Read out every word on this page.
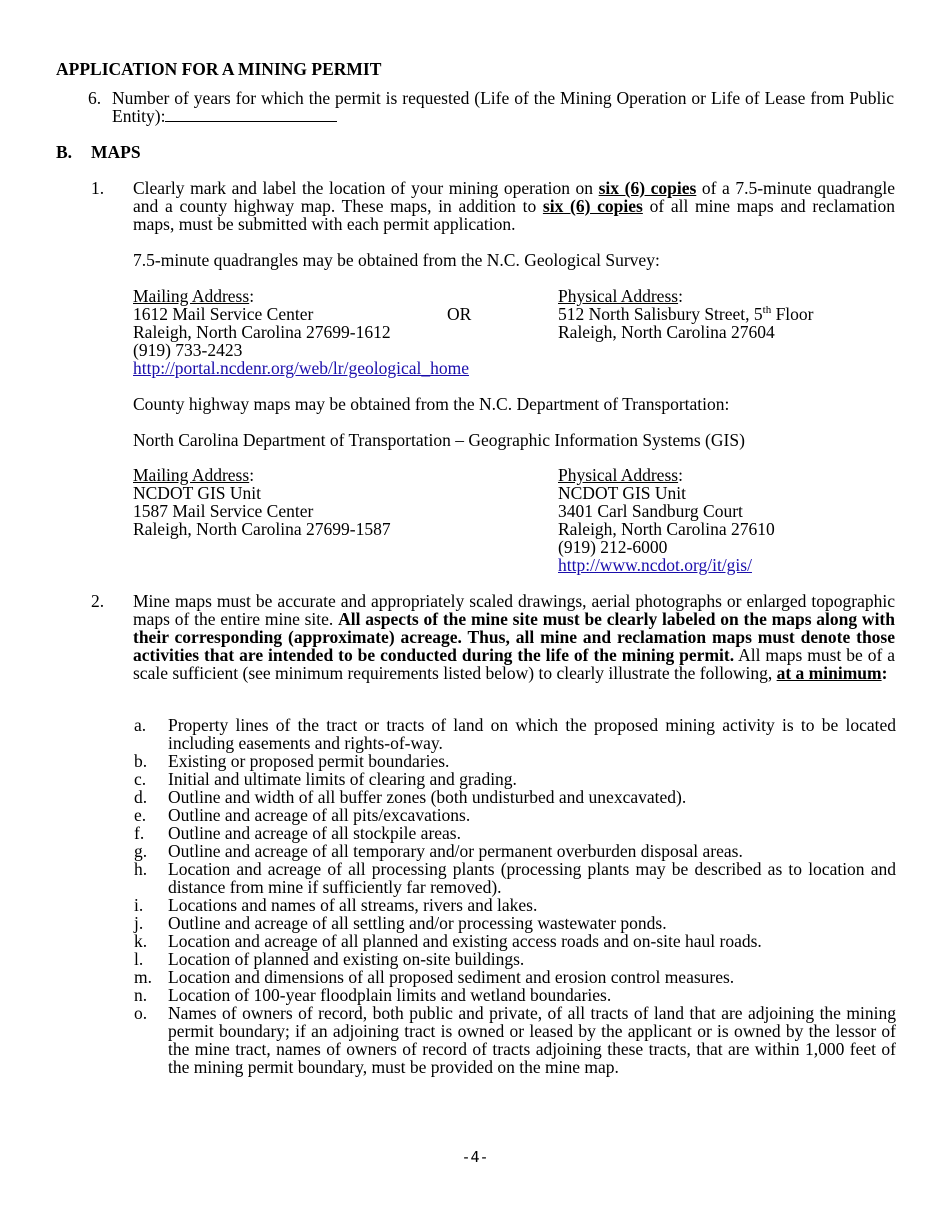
APPLICATION FOR A MINING PERMIT
6. Number of years for which the permit is requested (Life of the Mining Operation or Life of Lease from Public Entity):
B. MAPS
1. Clearly mark and label the location of your mining operation on six (6) copies of a 7.5-minute quadrangle and a county highway map. These maps, in addition to six (6) copies of all mine maps and reclamation maps, must be submitted with each permit application.
7.5-minute quadrangles may be obtained from the N.C. Geological Survey:
Mailing Address:
1612 Mail Service Center
Raleigh, North Carolina 27699-1612
(919) 733-2423
http://portal.ncdenr.org/web/lr/geological_home
OR
Physical Address:
512 North Salisbury Street, 5th Floor
Raleigh, North Carolina 27604
County highway maps may be obtained from the N.C. Department of Transportation:
North Carolina Department of Transportation – Geographic Information Systems (GIS)
Mailing Address:
NCDOT GIS Unit
1587 Mail Service Center
Raleigh, North Carolina 27699-1587
Physical Address:
NCDOT GIS Unit
3401 Carl Sandburg Court
Raleigh, North Carolina 27610
(919) 212-6000
http://www.ncdot.org/it/gis/
2. Mine maps must be accurate and appropriately scaled drawings, aerial photographs or enlarged topographic maps of the entire mine site. All aspects of the mine site must be clearly labeled on the maps along with their corresponding (approximate) acreage. Thus, all mine and reclamation maps must denote those activities that are intended to be conducted during the life of the mining permit. All maps must be of a scale sufficient (see minimum requirements listed below) to clearly illustrate the following, at a minimum:
a. Property lines of the tract or tracts of land on which the proposed mining activity is to be located including easements and rights-of-way.
b. Existing or proposed permit boundaries.
c. Initial and ultimate limits of clearing and grading.
d. Outline and width of all buffer zones (both undisturbed and unexcavated).
e. Outline and acreage of all pits/excavations.
f. Outline and acreage of all stockpile areas.
g. Outline and acreage of all temporary and/or permanent overburden disposal areas.
h. Location and acreage of all processing plants (processing plants may be described as to location and distance from mine if sufficiently far removed).
i. Locations and names of all streams, rivers and lakes.
j. Outline and acreage of all settling and/or processing wastewater ponds.
k. Location and acreage of all planned and existing access roads and on-site haul roads.
l. Location of planned and existing on-site buildings.
m. Location and dimensions of all proposed sediment and erosion control measures.
n. Location of 100-year floodplain limits and wetland boundaries.
o. Names of owners of record, both public and private, of all tracts of land that are adjoining the mining permit boundary; if an adjoining tract is owned or leased by the applicant or is owned by the lessor of the mine tract, names of owners of record of tracts adjoining these tracts, that are within 1,000 feet of the mining permit boundary, must be provided on the mine map.
-4-
